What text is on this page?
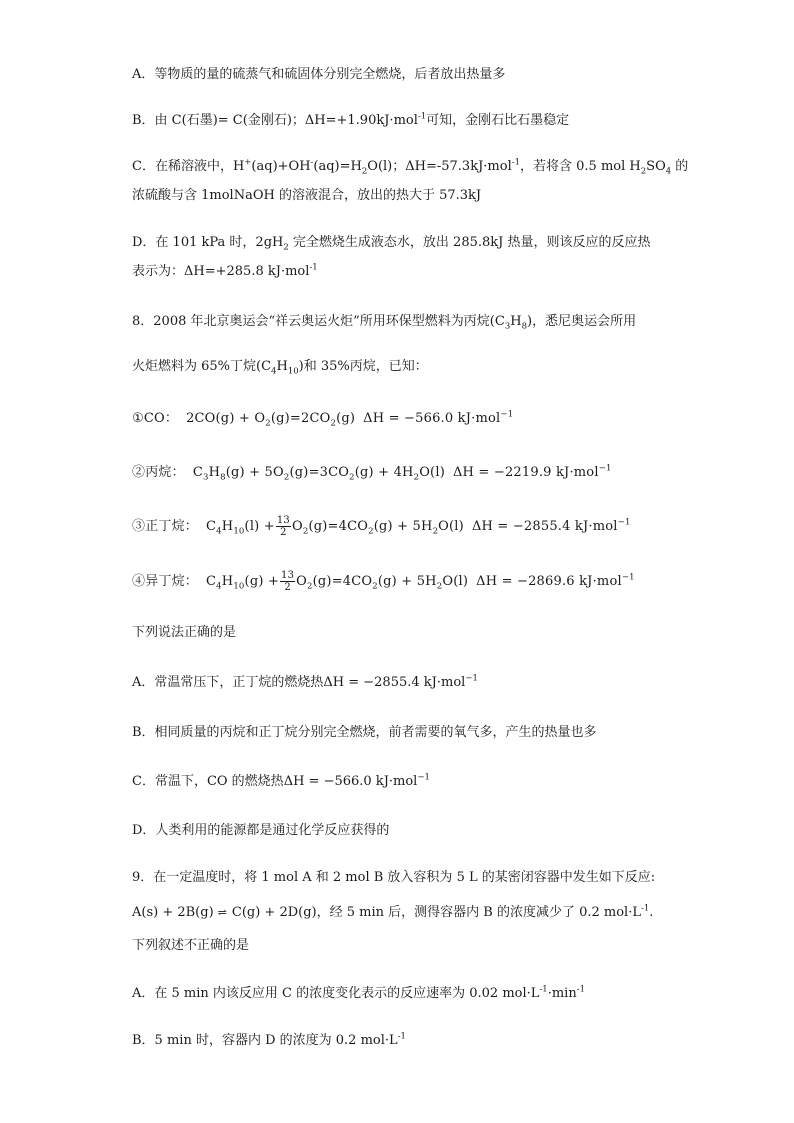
A．等物质的量的硫蒸气和硫固体分别完全燃烧，后者放出热量多
B．由 C(石墨)= C(金刚石)；ΔH=+1.90kJ·mol$^{-1}$可知，金刚石比石墨稳定
C．在稀溶液中，$H^+(aq)+OH^-(aq)=H_2O(l)$；ΔH=-57.3kJ·mol$^{-1}$，若将含 0.5 mol $H_2SO_4$ 的
浓硫酸与含 1molNaOH 的溶液混合，放出的热大于 57.3kJ
D．在 101 kPa 时，$2gH_2$ 完全燃烧生成液态水，放出 285.8kJ 热量，则该反应的反应热
表示为：ΔH=+285.8 kJ·mol$^{-1}$
8．2008 年北京奥运会“祥云奥运火炬”所用环保型燃料为丙烷$(C_3H_8)$，悉尼奥运会所用
火炬燃料为 65%丁烷$(C_4H_{10})$和 35%丙烷，已知：
①CO： $2CO(g) + O_2(g)=2CO_2(g) \Delta H = -566.0$ kJ·mol$^{-1}$
②丙烷： $C_3H_8(g) + 5O_2(g)=3CO_2(g) + 4H_2O(l) \Delta H = -2219.9$ kJ·mol$^{-1}$
③正丁烷： $C_4H_{10}(l) + \frac{13}{2} O_2(g)=4CO_2(g) + 5H_2O(l) \Delta H = -2855.4$ kJ·mol$^{-1}$
④异丁烷： $C_4H_{10}(g) + \frac{13}{2} O_2(g)=4CO_2(g) + 5H_2O(l) \Delta H = -2869.6$ kJ·mol$^{-1}$
下列说法正确的是
A．常温常压下，正丁烷的燃烧热ΔH = −2855.4 kJ·mol$^{-1}$
B．相同质量的丙烷和正丁烷分别完全燃烧，前者需要的氧气多，产生的热量也多
C．常温下，CO 的燃烧热ΔH = −566.0 kJ·mol$^{-1}$
D．人类利用的能源都是通过化学反应获得的
9．在一定温度时，将 1 mol A 和 2 mol B 放入容积为 5 L 的某密闭容器中发生如下反应:
A(s) + 2B(g) ⇌ C(g) + 2D(g)，经 5 min 后，测得容器内 B 的浓度减少了 0.2 $mol\cdot L^{-1}$.
下列叙述不正确的是
A．在 5 min 内该反应用 C 的浓度变化表示的反应速率为 0.02 $mol\cdot L^{-1}\cdot\min^{-1}$
B．5 min 时，容器内 D 的浓度为 0.2 $mol\cdot L^{-1}$
